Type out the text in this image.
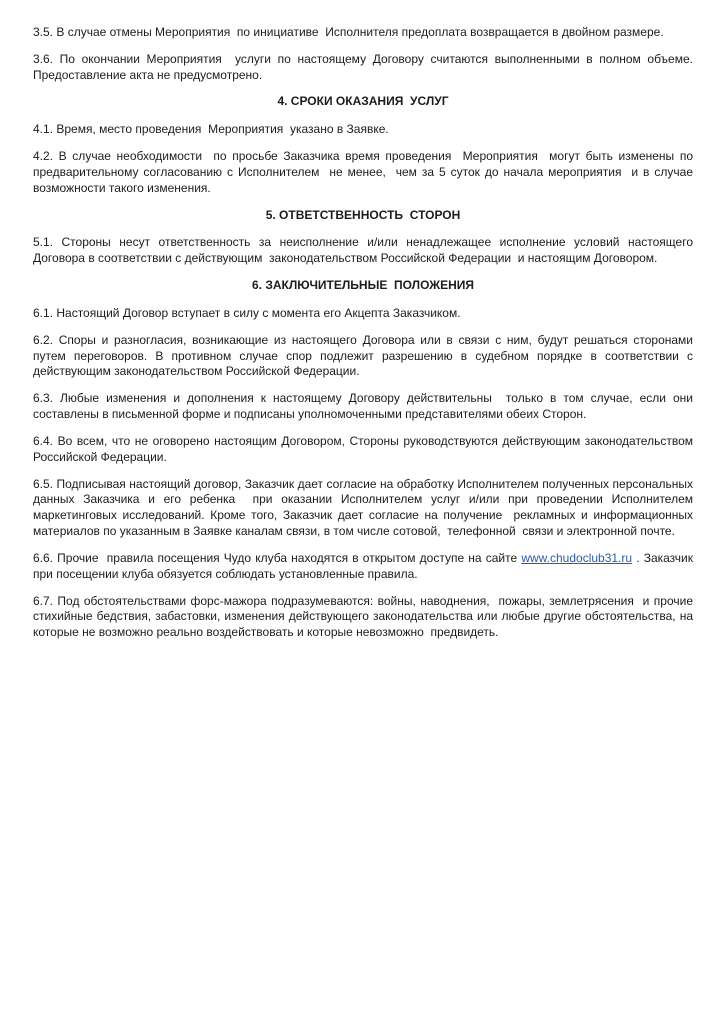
3.5. В случае отмены Мероприятия  по инициативе  Исполнителя предоплата возвращается в двойном размере.

3.6. По окончании Мероприятия  услуги по настоящему Договору считаются выполненными в полном объеме.  Предоставление акта не предусмотрено.

4. СРОКИ ОКАЗАНИЯ  УСЛУГ

4.1. Время, место проведения  Мероприятия  указано в Заявке.

4.2. В случае необходимости  по просьбе Заказчика время проведения  Мероприятия  могут быть изменены по предварительному согласованию с Исполнителем  не менее,  чем за 5 суток до начала мероприятия  и в случае возможности такого изменения.

5. ОТВЕТСТВЕННОСТЬ  СТОРОН

5.1. Стороны несут ответственность за неисполнение и/или ненадлежащее исполнение условий настоящего Договора в соответствии с действующим  законодательством Российской Федерации  и настоящим Договором.

6. ЗАКЛЮЧИТЕЛЬНЫЕ  ПОЛОЖЕНИЯ

6.1. Настоящий Договор вступает в силу с момента его Акцепта Заказчиком.

6.2. Споры и разногласия, возникающие из настоящего Договора или в связи с ним, будут решаться сторонами путем переговоров. В противном случае спор подлежит разрешению в судебном порядке в соответствии с действующим законодательством Российской Федерации.

6.3. Любые изменения и дополнения к настоящему Договору действительны  только в том случае, если они составлены в письменной форме и подписаны уполномоченными представителями обеих Сторон.

6.4. Во всем, что не оговорено настоящим Договором, Стороны руководствуются действующим законодательством Российской Федерации.

6.5. Подписывая настоящий договор, Заказчик дает согласие на обработку Исполнителем полученных персональных данных Заказчика и его ребенка  при оказании Исполнителем услуг и/или при проведении Исполнителем маркетинговых исследований. Кроме того, Заказчик дает согласие на получение  рекламных и информационных материалов по указанным в Заявке каналам связи, в том числе сотовой,  телефонной  связи и электронной почте.

6.6. Прочие  правила посещения Чудо клуба находятся в открытом доступе на сайте www.chudoclub31.ru . Заказчик при посещении клуба обязуется соблюдать установленные правила.

6.7. Под обстоятельствами форс-мажора подразумеваются: войны, наводнения,  пожары, землетрясения  и прочие стихийные бедствия, забастовки, изменения действующего законодательства или любые другие обстоятельства, на которые не возможно реально воздействовать и которые невозможно  предвидеть.
